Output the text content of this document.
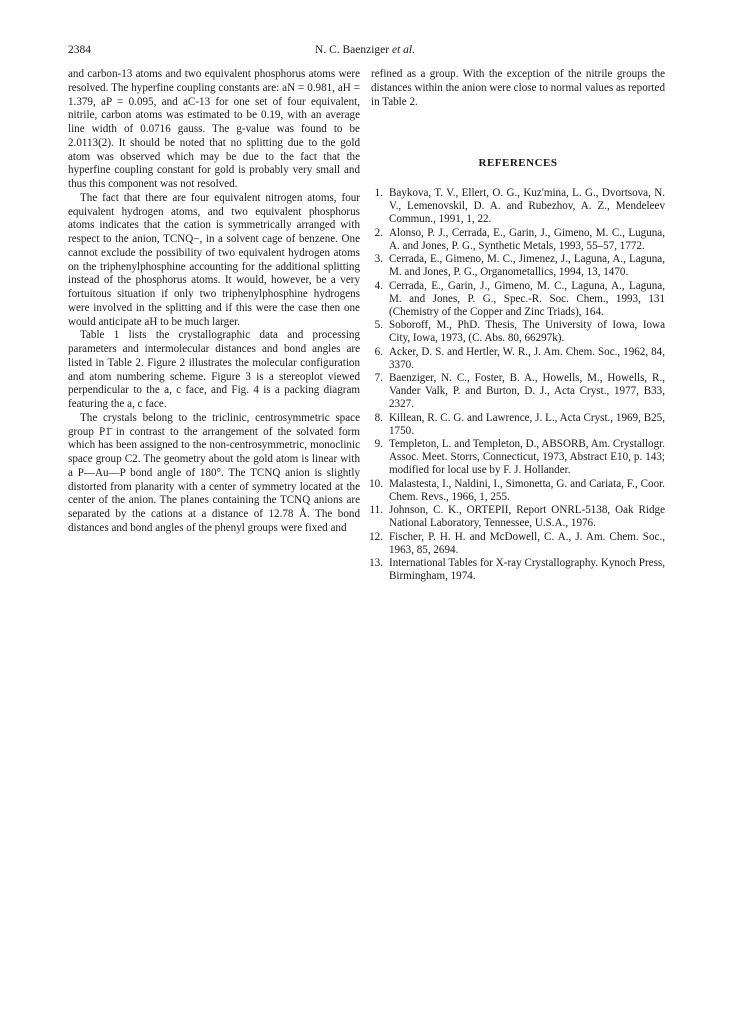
2384	N. C. Baenziger et al.

and carbon-13 atoms and two equivalent phosphorus atoms were resolved. The hyperfine coupling constants are: aN = 0.981, aH = 1.379, aP = 0.095, and aC-13 for one set of four equivalent, nitrile, carbon atoms was estimated to be 0.19, with an average line width of 0.0716 gauss. The g-value was found to be 2.0113(2). It should be noted that no splitting due to the gold atom was observed which may be due to the fact that the hyperfine coupling constant for gold is probably very small and thus this component was not resolved.

The fact that there are four equivalent nitrogen atoms, four equivalent hydrogen atoms, and two equivalent phosphorus atoms indicates that the cation is symmetrically arranged with respect to the anion, TCNQ−, in a solvent cage of benzene. One cannot exclude the possibility of two equivalent hydrogen atoms on the triphenylphosphine accounting for the additional splitting instead of the phosphorus atoms. It would, however, be a very fortuitous situation if only two triphenylphosphine hydrogens were involved in the splitting and if this were the case then one would anticipate aH to be much larger.

Table 1 lists the crystallographic data and processing parameters and intermolecular distances and bond angles are listed in Table 2. Figure 2 illustrates the molecular configuration and atom numbering scheme. Figure 3 is a stereoplot viewed perpendicular to the a, c face, and Fig. 4 is a packing diagram featuring the a, c face.

The crystals belong to the triclinic, centrosymmetric space group P1̄ in contrast to the arrangement of the solvated form which has been assigned to the non-centrosymmetric, monoclinic space group C2. The geometry about the gold atom is linear with a P—Au—P bond angle of 180°. The TCNQ anion is slightly distorted from planarity with a center of symmetry located at the center of the anion. The planes containing the TCNQ anions are separated by the cations at a distance of 12.78 Å. The bond distances and bond angles of the phenyl groups were fixed and

refined as a group. With the exception of the nitrile groups the distances within the anion were close to normal values as reported in Table 2.

REFERENCES
1. Baykova, T. V., Ellert, O. G., Kuz'mina, L. G., Dvortsova, N. V., Lemenovskil, D. A. and Rubezhov, A. Z., Mendeleev Commun., 1991, 1, 22.
2. Alonso, P. J., Cerrada, E., Garin, J., Gimeno, M. C., Luguna, A. and Jones, P. G., Synthetic Metals, 1993, 55–57, 1772.
3. Cerrada, E., Gimeno, M. C., Jimenez, J., Laguna, A., Laguna, M. and Jones, P. G., Organometallics, 1994, 13, 1470.
4. Cerrada, E., Garin, J., Gimeno, M. C., Laguna, A., Laguna, M. and Jones, P. G., Spec.-R. Soc. Chem., 1993, 131 (Chemistry of the Copper and Zinc Triads), 164.
5. Soboroff, M., PhD. Thesis, The University of Iowa, Iowa City, Iowa, 1973, (C. Abs. 80, 66297k).
6. Acker, D. S. and Hertler, W. R., J. Am. Chem. Soc., 1962, 84, 3370.
7. Baenziger, N. C., Foster, B. A., Howells, M., Howells, R., Vander Valk, P. and Burton, D. J., Acta Cryst., 1977, B33, 2327.
8. Killean, R. C. G. and Lawrence, J. L., Acta Cryst., 1969, B25, 1750.
9. Templeton, L. and Templeton, D., ABSORB, Am. Crystallogr. Assoc. Meet. Storrs, Connecticut, 1973, Abstract E10, p. 143; modified for local use by F. J. Hollander.
10. Malastesta, I., Naldini, I., Simonetta, G. and Cariata, F., Coor. Chem. Revs., 1966, 1, 255.
11. Johnson, C. K., ORTEPII, Report ONRL-5138, Oak Ridge National Laboratory, Tennessee, U.S.A., 1976.
12. Fischer, P. H. H. and McDowell, C. A., J. Am. Chem. Soc., 1963, 85, 2694.
13. International Tables for X-ray Crystallography. Kynoch Press, Birmingham, 1974.
